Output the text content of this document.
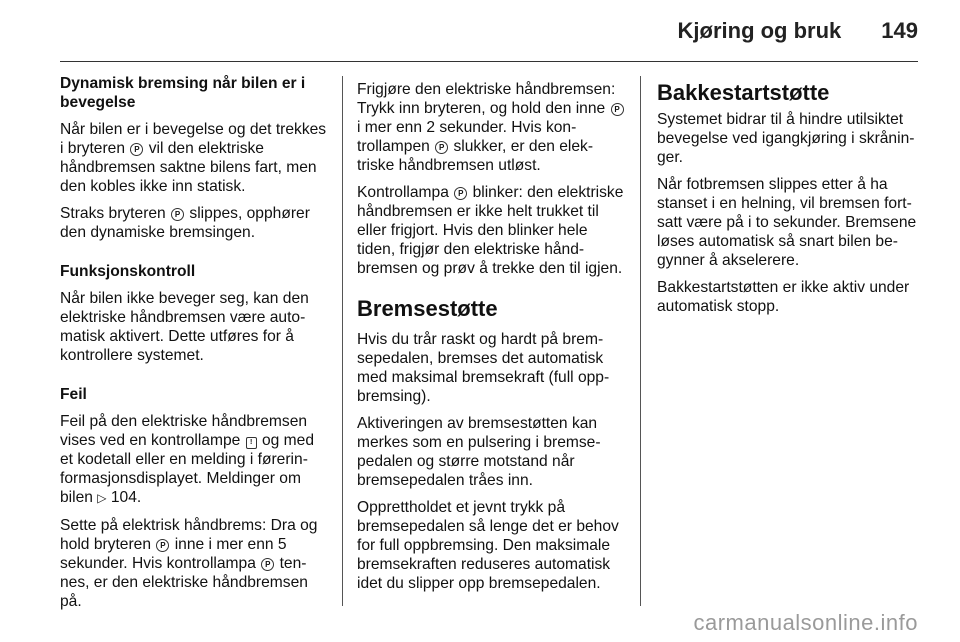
Kjøring og bruk 149

Dynamisk bremsing når bilen er i bevegelse

Når bilen er i bevegelse og det trekkes i bryteren P vil den elektriske håndbremsen saktne bilens fart, men den kobles ikke inn statisk.

Straks bryteren P slippes, opphører den dynamiske bremsingen.

Funksjonskontroll

Når bilen ikke beveger seg, kan den elektriske håndbremsen være automatisk aktivert. Dette utføres for å kontrollere systemet.

Feil

Feil på den elektriske håndbremsen vises ved en kontrollampe ! og med et kodetall eller en melding i førerinformasjonsdisplayet. Meldinger om bilen ▷ 104.

Sette på elektrisk håndbrems: Dra og hold bryteren P inne i mer enn 5 sekunder. Hvis kontrollampa P tennes, er den elektriske håndbremsen på.

Frigjøre den elektriske håndbremsen: Trykk inn bryteren, og hold den inne P i mer enn 2 sekunder. Hvis kontrollampen P slukker, er den elektriske håndbremsen utløst.

Kontrollampa P blinker: den elektriske håndbremsen er ikke helt trukket til eller frigjort. Hvis den blinker hele tiden, frigjør den elektriske håndbremsen og prøv å trekke den til igjen.

Bremsestøtte

Hvis du trår raskt og hardt på bremsepedalen, bremses det automatisk med maksimal bremsekraft (full oppbremsing).

Aktiveringen av bremsestøtten kan merkes som en pulsering i bremsepedalen og større motstand når bremsepedalen tråes inn.

Opprettholdet et jevnt trykk på bremsepedalen så lenge det er behov for full oppbremsing. Den maksimale bremsekraften reduseres automatisk idet du slipper opp bremsepedalen.

Bakkestartstøtte

Systemet bidrar til å hindre utilsiktet bevegelse ved igangkjøring i skråninger.

Når fotbremsen slippes etter å ha stanset i en helning, vil bremsen fortsatt være på i to sekunder. Bremsene løses automatisk så snart bilen begynner å akselerere.

Bakkestartstøtten er ikke aktiv under automatisk stopp.

carmanualsonline.info
